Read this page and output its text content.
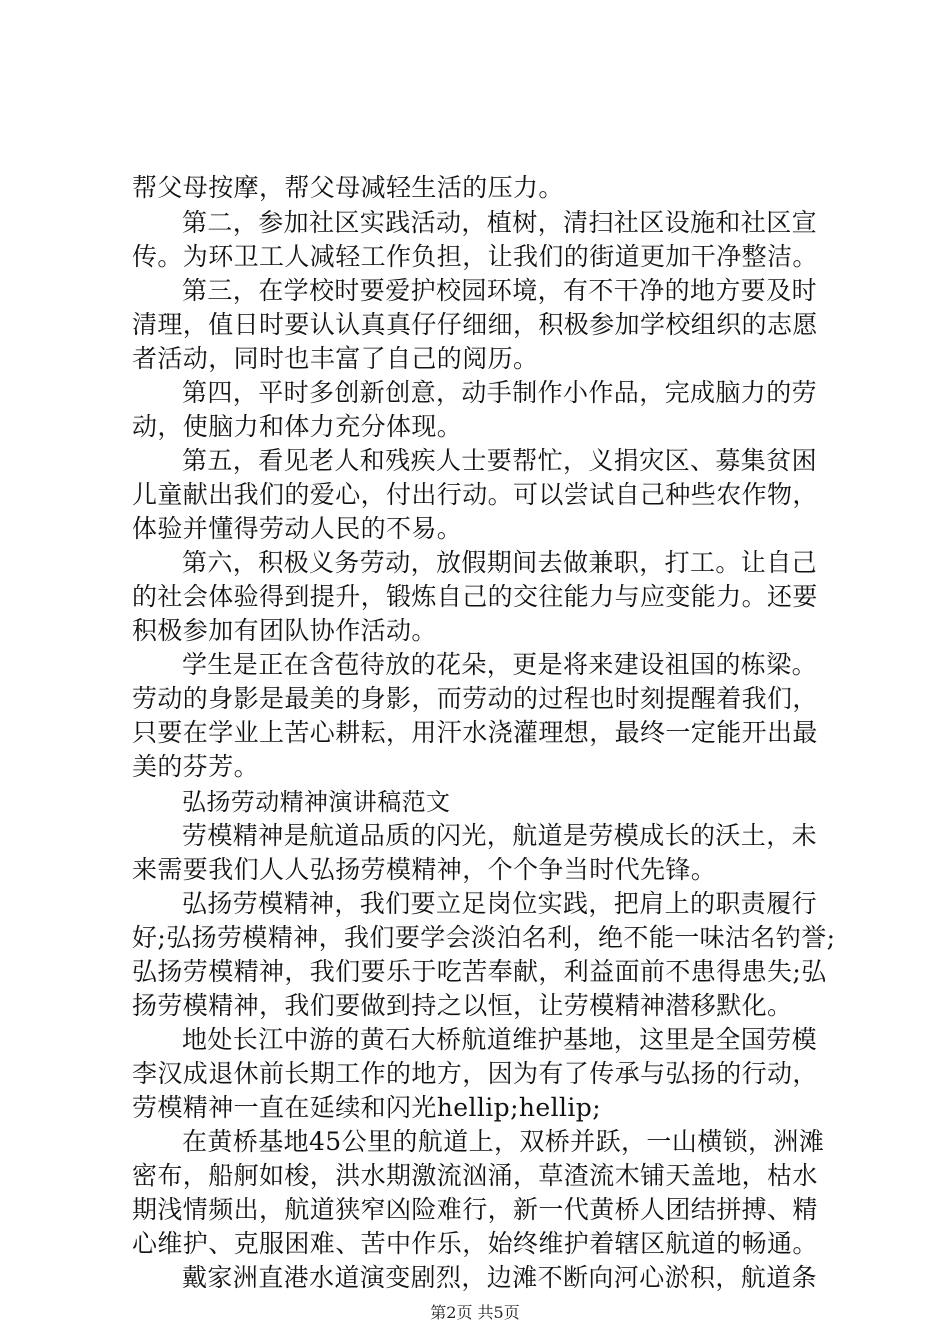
帮父母按摩，帮父母减轻生活的压力。
第二，参加社区实践活动，植树，清扫社区设施和社区宣
传。为环卫工人减轻工作负担，让我们的街道更加干净整洁。
第三，在学校时要爱护校园环境，有不干净的地方要及时
清理，值日时要认认真真仔仔细细，积极参加学校组织的志愿
者活动，同时也丰富了自己的阅历。
第四，平时多创新创意，动手制作小作品，完成脑力的劳
动，使脑力和体力充分体现。
第五，看见老人和残疾人士要帮忙，义捐灾区、募集贫困
儿童献出我们的爱心，付出行动。可以尝试自己种些农作物，
体验并懂得劳动人民的不易。
第六，积极义务劳动，放假期间去做兼职，打工。让自己
的社会体验得到提升，锻炼自己的交往能力与应变能力。还要
积极参加有团队协作活动。
学生是正在含苞待放的花朵，更是将来建设祖国的栋梁。
劳动的身影是最美的身影，而劳动的过程也时刻提醒着我们，
只要在学业上苦心耕耘，用汗水浇灌理想，最终一定能开出最
美的芬芳。
弘扬劳动精神演讲稿范文
劳模精神是航道品质的闪光，航道是劳模成长的沃土，未
来需要我们人人弘扬劳模精神，个个争当时代先锋。
弘扬劳模精神，我们要立足岗位实践，把肩上的职责履行
好;弘扬劳模精神，我们要学会淡泊名利，绝不能一味沽名钓誉;
弘扬劳模精神，我们要乐于吃苦奉献，利益面前不患得患失;弘
扬劳模精神，我们要做到持之以恒，让劳模精神潜移默化。
地处长江中游的黄石大桥航道维护基地，这里是全国劳模
李汉成退休前长期工作的地方，因为有了传承与弘扬的行动，
劳模精神一直在延续和闪光hellip;hellip;
在黄桥基地45公里的航道上，双桥并跃，一山横锁，洲滩
密布，船舸如梭，洪水期激流汹涌，草渣流木铺天盖地，枯水
期浅情频出，航道狭窄凶险难行，新一代黄桥人团结拼搏、精
心维护、克服困难、苦中作乐，始终维护着辖区航道的畅通。
戴家洲直港水道演变剧烈，边滩不断向河心淤积，航道条
第2页 共5页
